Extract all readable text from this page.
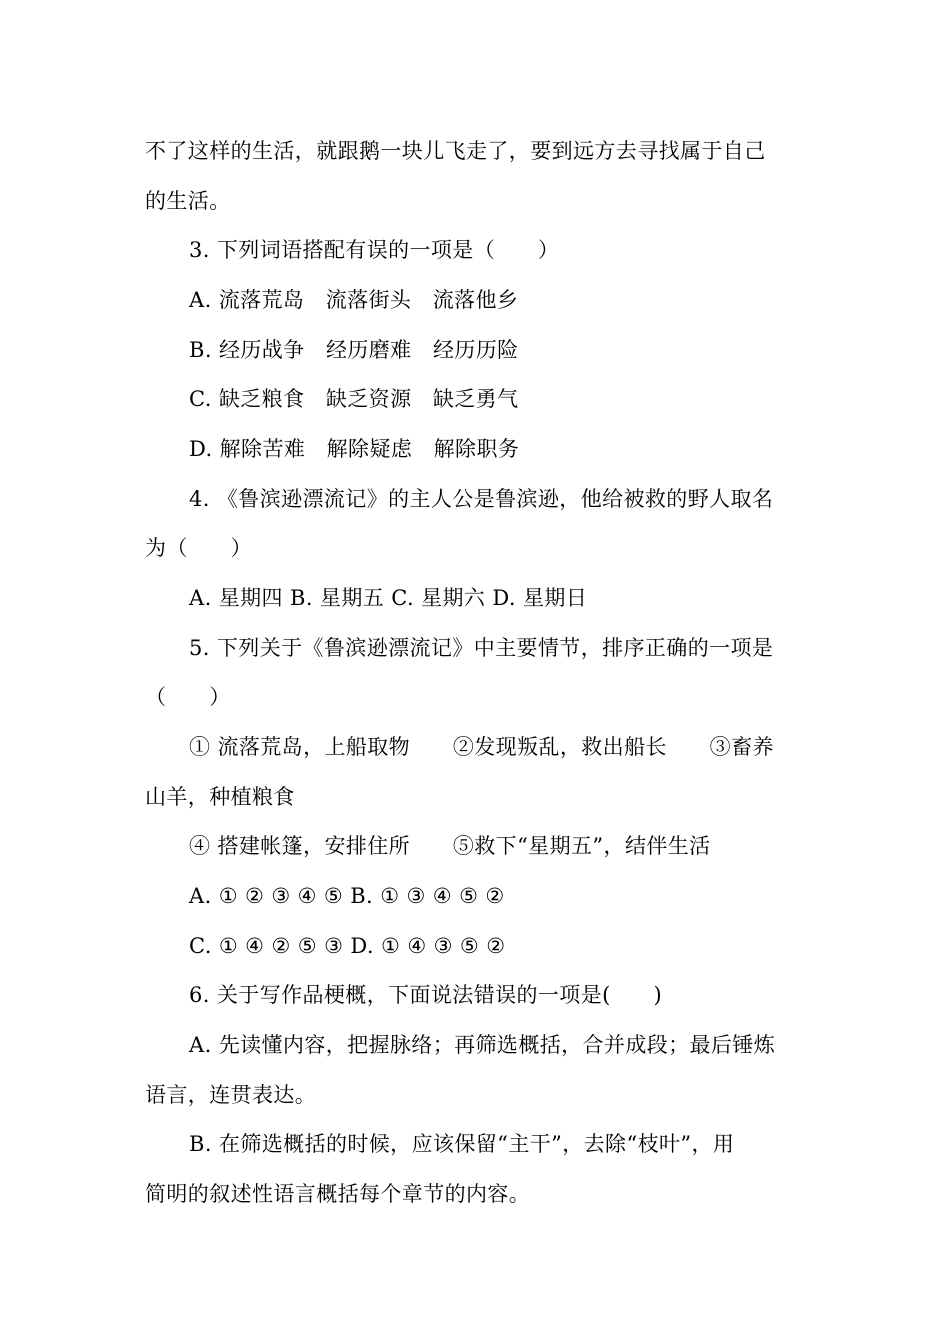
不了这样的生活，就跟鹅一块儿飞走了，要到远方去寻找属于自己
的生活。
3. 下列词语搭配有误的一项是（　　）
A. 流落荒岛　流落街头　流落他乡
B. 经历战争　经历磨难　经历历险
C. 缺乏粮食　缺乏资源　缺乏勇气
D. 解除苦难　解除疑虑　解除职务
4. 《鲁滨逊漂流记》的主人公是鲁滨逊，他给被救的野人取名
为（　　）
A. 星期四 B. 星期五 C. 星期六 D. 星期日
5. 下列关于《鲁滨逊漂流记》中主要情节，排序正确的一项是
（　　）
① 流落荒岛，上船取物　　②发现叛乱，救出船长　　③畜养
山羊，种植粮食
④ 搭建帐篷，安排住所　　⑤救下“星期五”，结伴生活
A. ① ② ③ ④ ⑤ B. ① ③ ④ ⑤ ②
C. ① ④ ② ⑤ ③ D. ① ④ ③ ⑤ ②
6. 关于写作品梗概，下面说法错误的一项是(　　)
A. 先读懂内容，把握脉络；再筛选概括，合并成段；最后锤炼
语言，连贯表达。
B. 在筛选概括的时候，应该保留“主干”，去除“枝叶”，用
简明的叙述性语言概括每个章节的内容。
